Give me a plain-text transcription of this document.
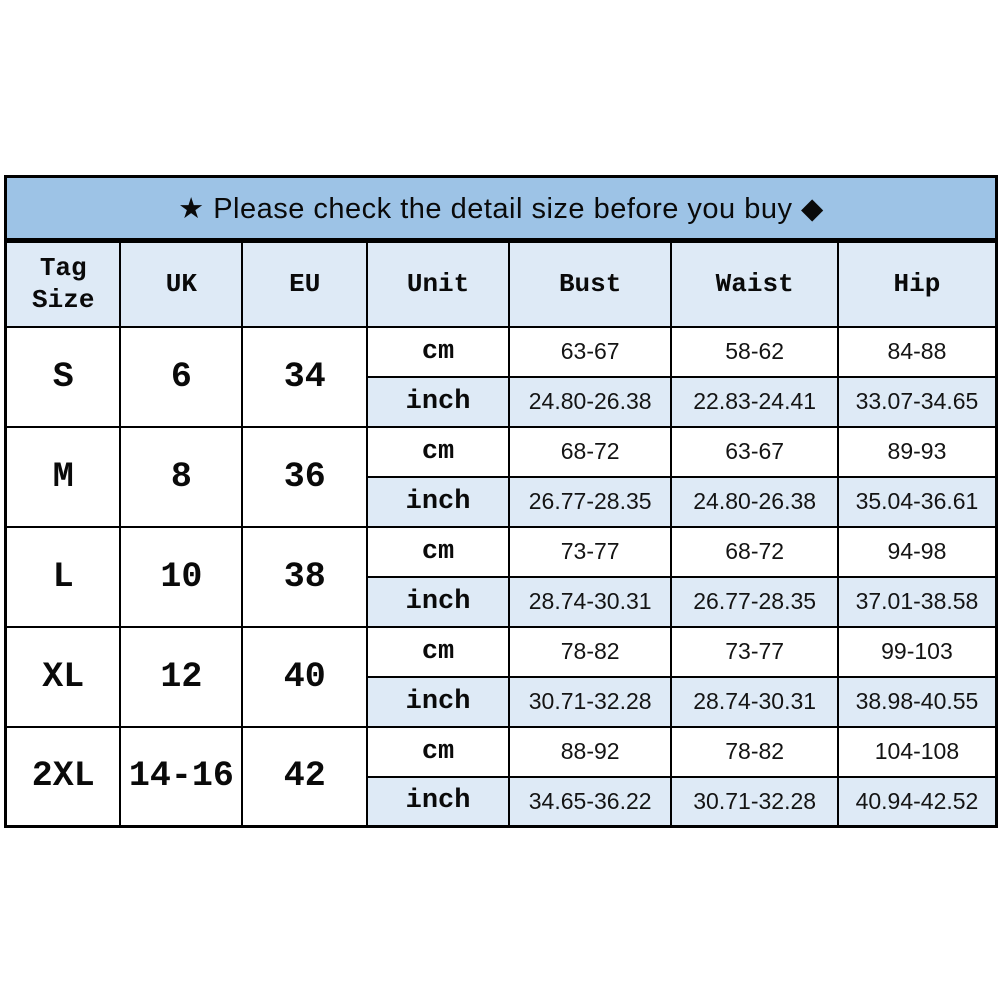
★ Please check the detail size before you buy ◆
Tag Size	UK	EU	Unit	Bust	Waist	Hip
S	6	34	cm	63-67	58-62	84-88
			inch	24.80-26.38	22.83-24.41	33.07-34.65
M	8	36	cm	68-72	63-67	89-93
			inch	26.77-28.35	24.80-26.38	35.04-36.61
L	10	38	cm	73-77	68-72	94-98
			inch	28.74-30.31	26.77-28.35	37.01-38.58
XL	12	40	cm	78-82	73-77	99-103
			inch	30.71-32.28	28.74-30.31	38.98-40.55
2XL	14-16	42	cm	88-92	78-82	104-108
			inch	34.65-36.22	30.71-32.28	40.94-42.52
